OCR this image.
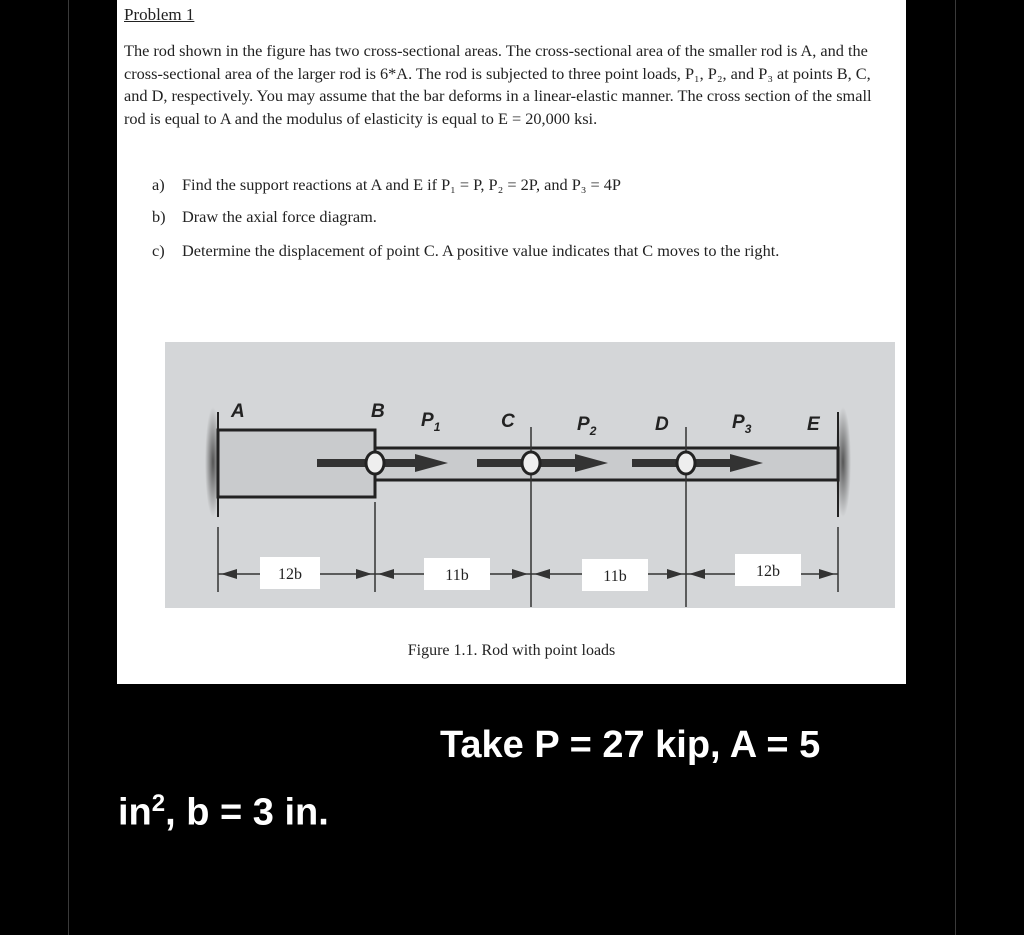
Problem 1
The rod shown in the figure has two cross-sectional areas. The cross-sectional area of the smaller rod is A, and the cross-sectional area of the larger rod is 6*A. The rod is subjected to three point loads, P₁, P₂, and P₃ at points B, C, and D, respectively. You may assume that the bar deforms in a linear-elastic manner. The cross section of the small rod is equal to A and the modulus of elasticity is equal to E = 20,000 ksi.
a) Find the support reactions at A and E if P₁ = P, P₂ = 2P, and P₃ = 4P
b) Draw the axial force diagram.
c) Determine the displacement of point C. A positive value indicates that C moves to the right.
A	B $P_1$	C	$P_2$	D	$P_3$	E
12b	11b	11b	12b
Figure 1.1. Rod with point loads
Take P = 27 kip, A = 5
$in^2$, b = 3 in.
